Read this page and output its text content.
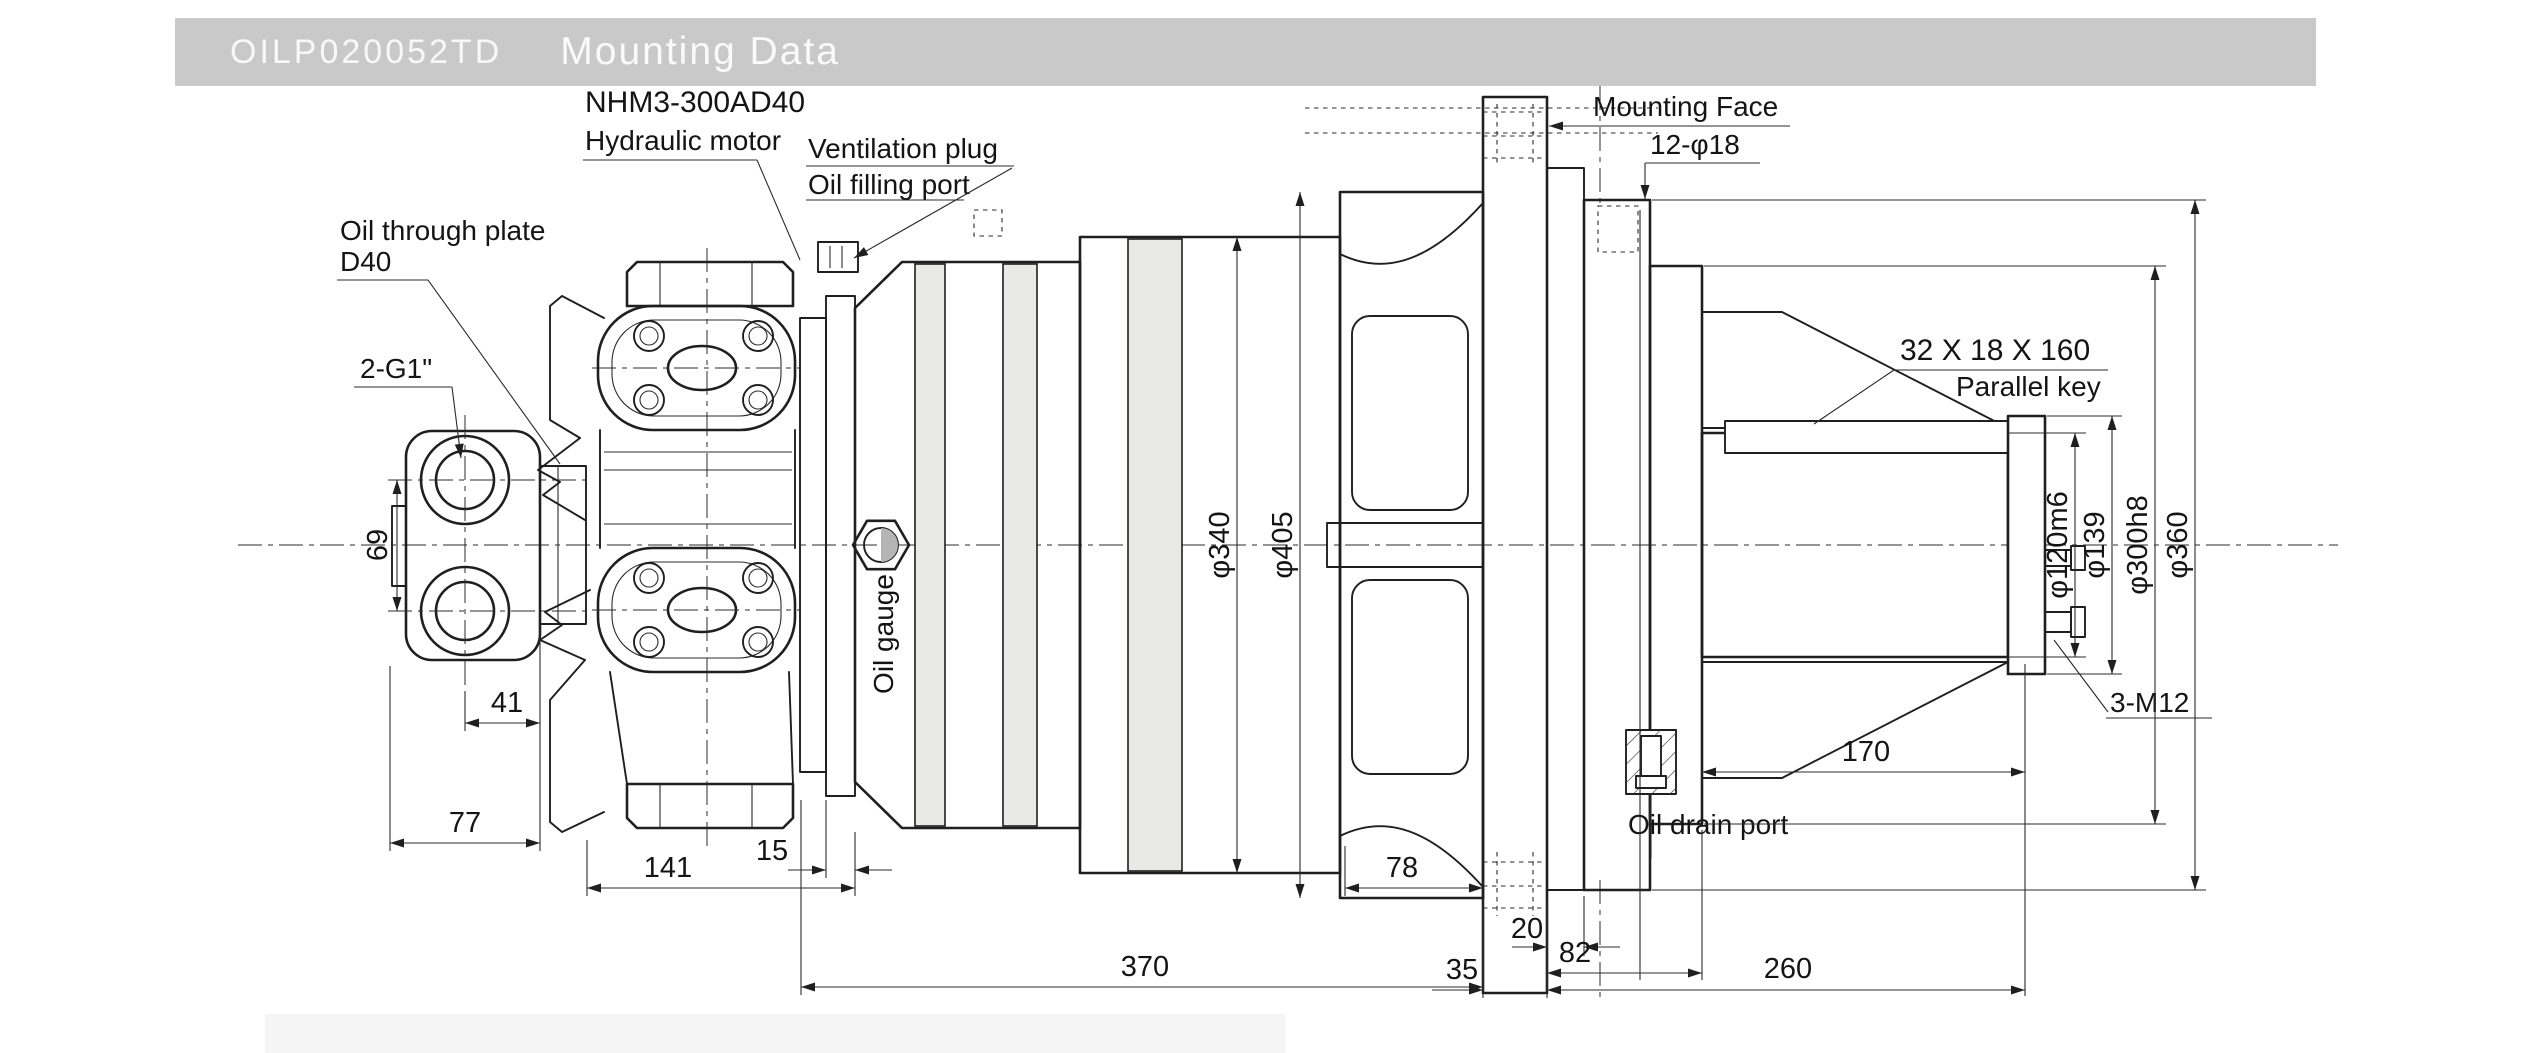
OILP020052TD Mounting Data
69
2-G1"
Oil through plate
D40
NHM3-300AD40
Hydraulic motor
Oil gauge
Ventilation plug
Oil filling port
φ340 φ405
Mounting Face
12-φ18
32 X 18 X 160
Parallel key
3-M12
Oil drain port
φ120m6 φ139 φ300h8 φ360
41
77
141
15
78
370	35
20
82	260
170
